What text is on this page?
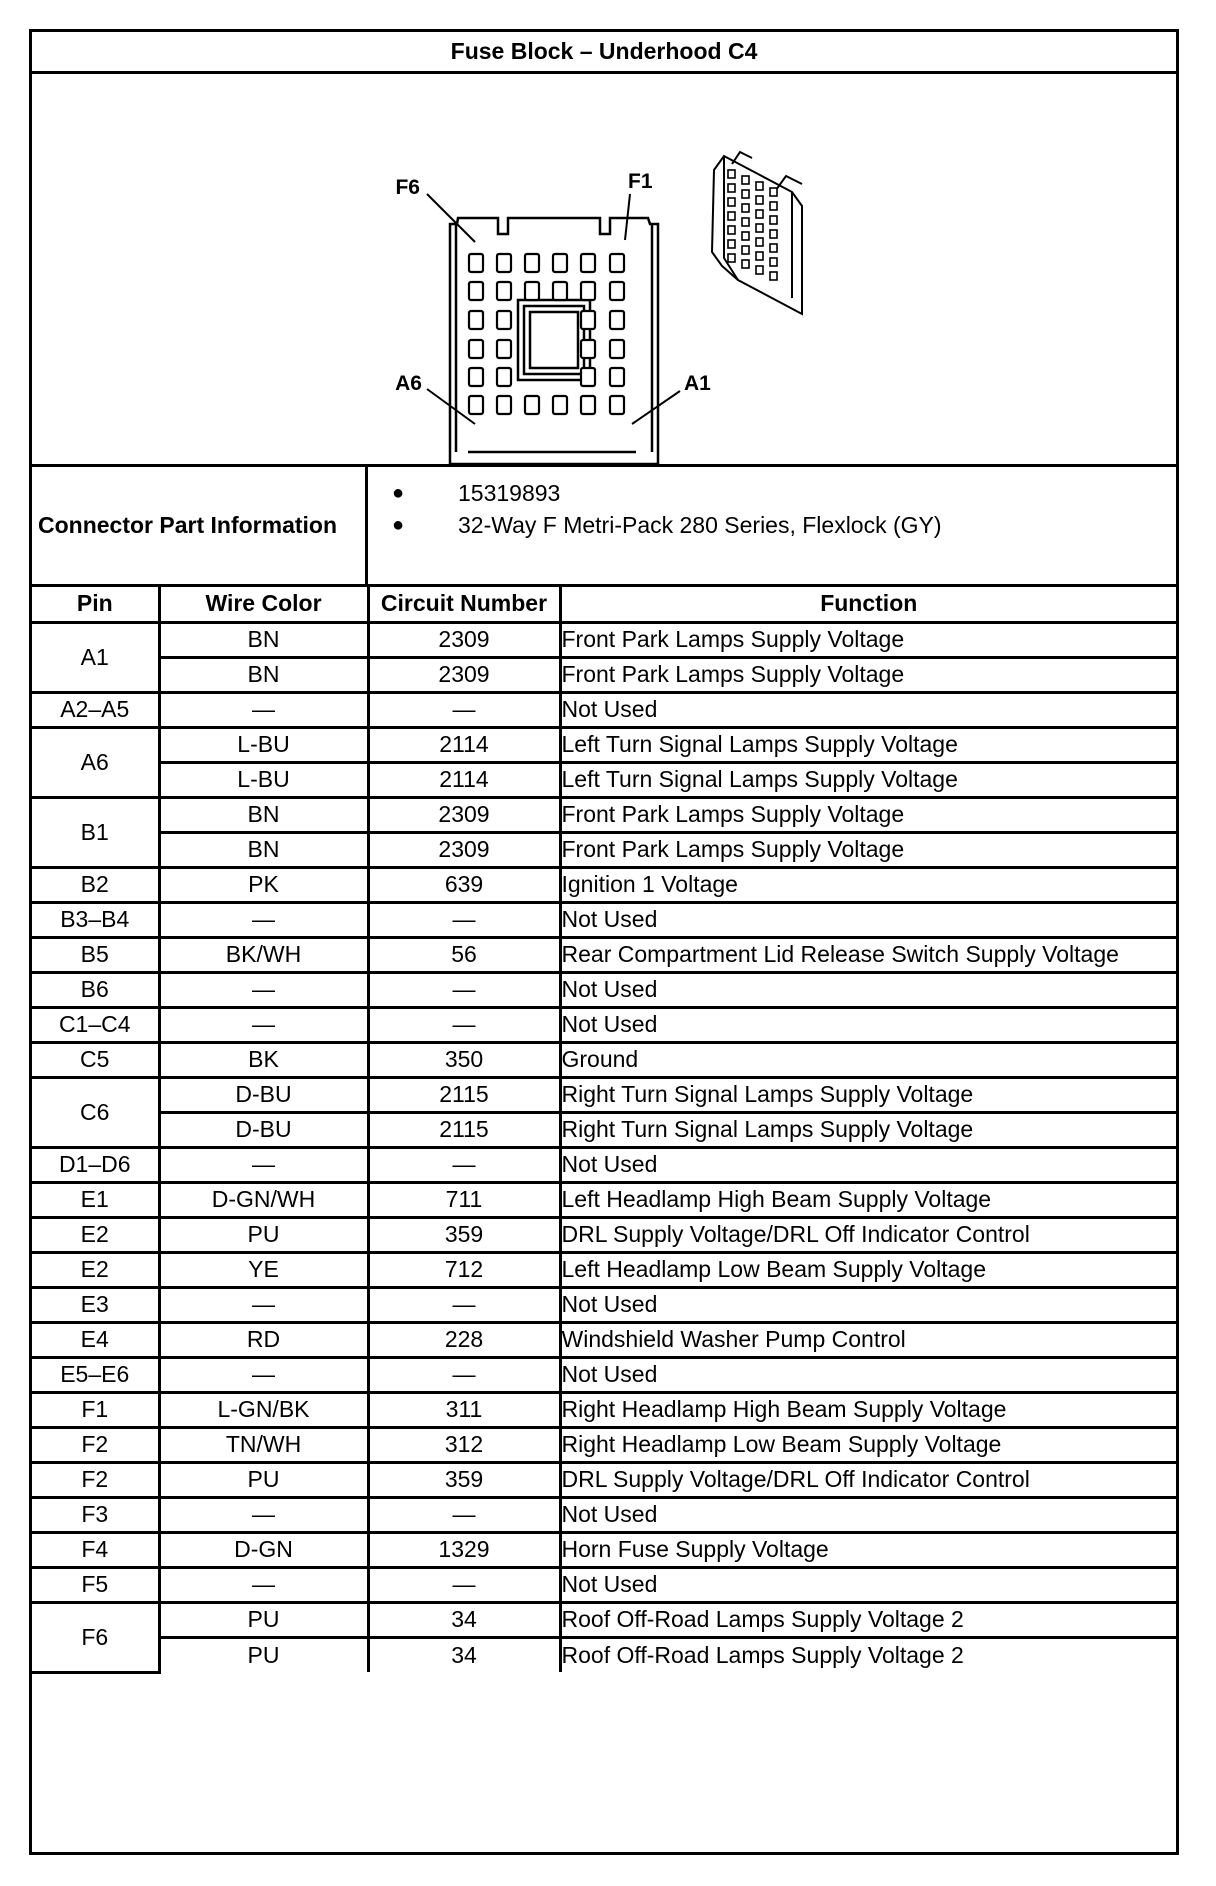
Fuse Block – Underhood C4
F6	F1
A6	A1
Connector Part Information
●	15319893
●	32-Way F Metri-Pack 280 Series, Flexlock (GY)
Pin	Wire Color	Circuit Number	Function
A1	BN	2309	Front Park Lamps Supply Voltage
	BN	2309	Front Park Lamps Supply Voltage
A2–A5	—	—	Not Used
A6	L-BU	2114	Left Turn Signal Lamps Supply Voltage
	L-BU	2114	Left Turn Signal Lamps Supply Voltage
B1	BN	2309	Front Park Lamps Supply Voltage
	BN	2309	Front Park Lamps Supply Voltage
B2	PK	639	Ignition 1 Voltage
B3–B4	—	—	Not Used
B5	BK/WH	56	Rear Compartment Lid Release Switch Supply Voltage
B6	—	—	Not Used
C1–C4	—	—	Not Used
C5	BK	350	Ground
C6	D-BU	2115	Right Turn Signal Lamps Supply Voltage
	D-BU	2115	Right Turn Signal Lamps Supply Voltage
D1–D6	—	—	Not Used
E1	D-GN/WH	711	Left Headlamp High Beam Supply Voltage
E2	PU	359	DRL Supply Voltage/DRL Off Indicator Control
E2	YE	712	Left Headlamp Low Beam Supply Voltage
E3	—	—	Not Used
E4	RD	228	Windshield Washer Pump Control
E5–E6	—	—	Not Used
F1	L-GN/BK	311	Right Headlamp High Beam Supply Voltage
F2	TN/WH	312	Right Headlamp Low Beam Supply Voltage
F2	PU	359	DRL Supply Voltage/DRL Off Indicator Control
F3	—	—	Not Used
F4	D-GN	1329	Horn Fuse Supply Voltage
F5	—	—	Not Used
F6	PU	34	Roof Off-Road Lamps Supply Voltage 2
	PU	34	Roof Off-Road Lamps Supply Voltage 2
